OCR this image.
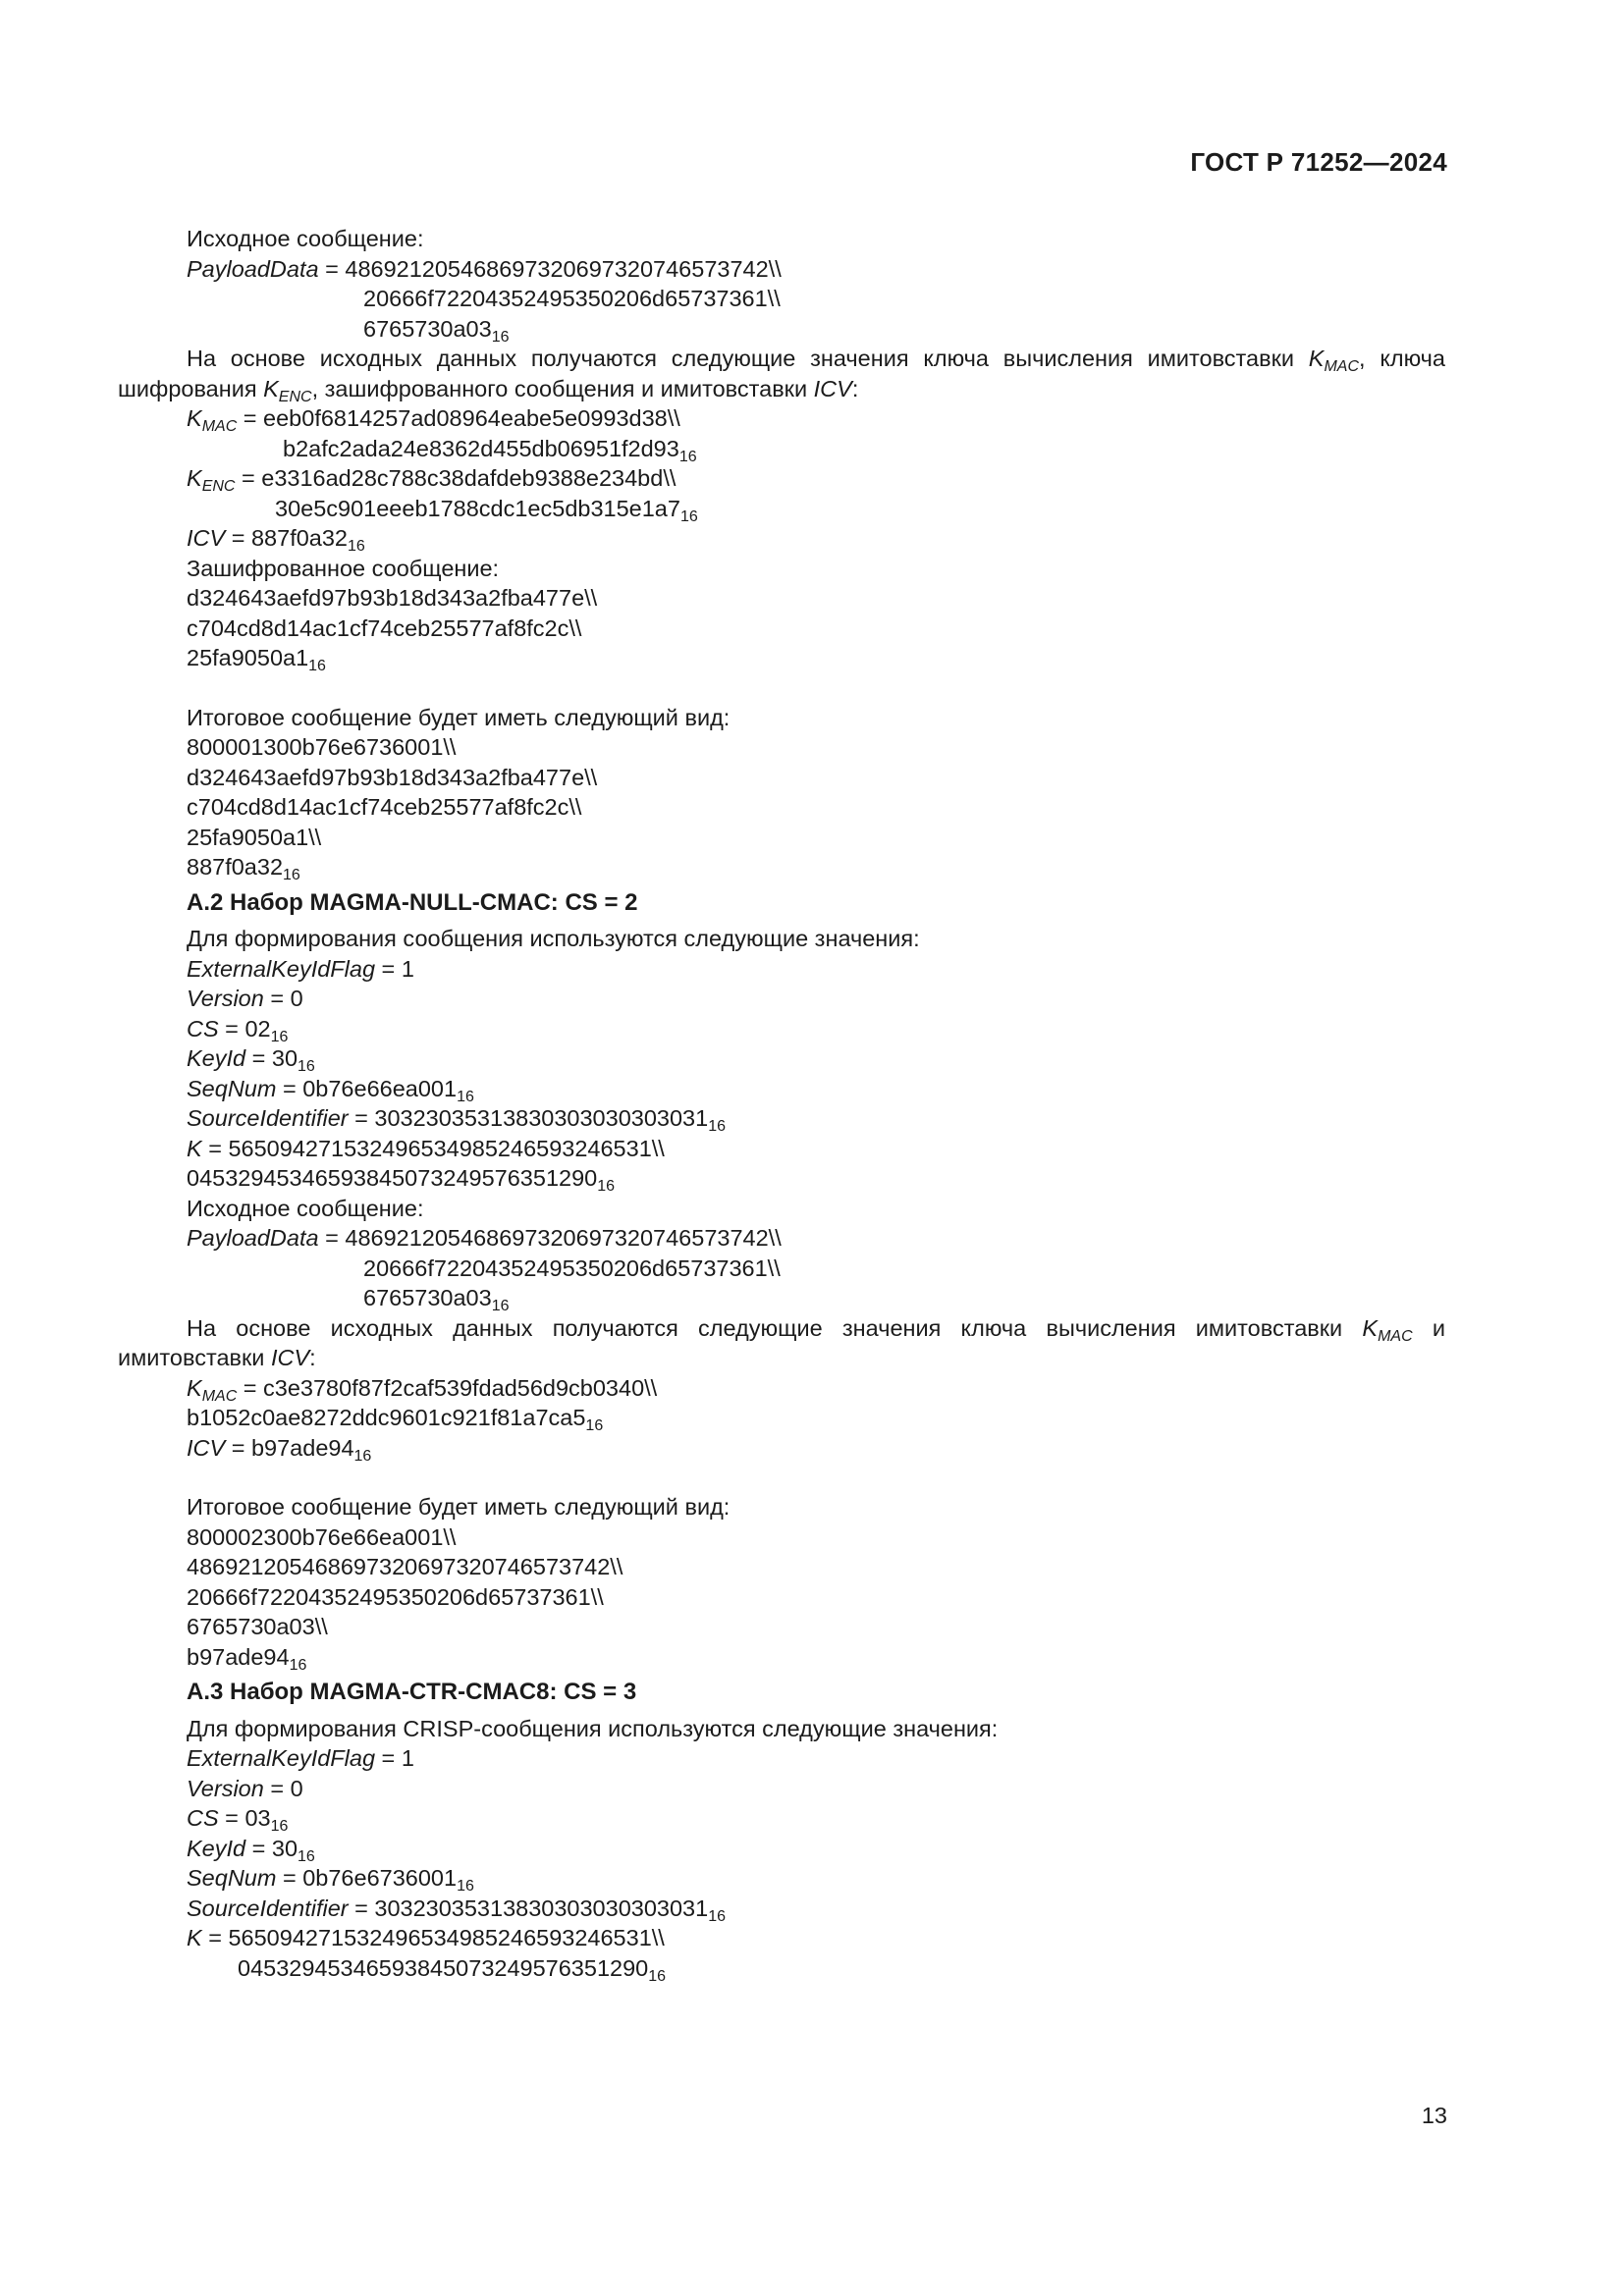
ГОСТ Р 71252—2024

Исходное сообщение:

PayloadData = 486921205468697320697320746573742\\

20666f72204352495350206d65737361\\

$6765730a03_{16}$

На основе исходных данных получаются следующие значения ключа вычисления имитовставки $K_{MAC}$, ключа шифрования $K_{ENC}$, зашифрованного сообщения и имитовставки ICV:

$K_{MAC}$ = eeb0f6814257ad08964eabe5e0993d38\\

$b2afc2ada24e8362d455db06951f2d93_{16}$

$K_{ENC}$ = e3316ad28c788c38dafdeb9388e234bd\\

$30e5c901eeeb1788cdc1ec5db315e1a7_{16}$

ICV = $887f0a32_{16}$

Зашифрованное сообщение:

d324643aefd97b93b18d343a2fba477e\\

c704cd8d14ac1cf74ceb25577af8fc2c\\

$25fa9050a1_{16}$

Итоговое сообщение будет иметь следующий вид:

800001300b76e6736001\\

d324643aefd97b93b18d343a2fba477e\\

c704cd8d14ac1cf74ceb25577af8fc2c\\

25fa9050a1\\

$887f0a32_{16}$

А.2 Набор MAGMA-NULL-CMAC: CS = 2

Для формирования сообщения используются следующие значения:

ExternalKeyIdFlag = 1

Version = 0

CS = $02_{16}$

KeyId = $30_{16}$

SeqNum = $0b76e66ea001_{16}$

SourceIdentifier = $30323035313830303030303031_{16}$

K = 565094271532496534985246593246531\\

$04532945346593845073249576351290_{16}$

Исходное сообщение:

PayloadData = 486921205468697320697320746573742\\

20666f72204352495350206d65737361\\

$6765730a03_{16}$

На основе исходных данных получаются следующие значения ключа вычисления имитовставки $K_{MAC}$ и имитовставки ICV:

$K_{MAC}$ = c3e3780f87f2caf539fdad56d9cb0340\\

$b1052c0ae8272ddc9601c921f81a7ca5_{16}$

ICV = $b97ade94_{16}$

Итоговое сообщение будет иметь следующий вид:

800002300b76e66ea001\\

486921205468697320697320746573742\\

20666f72204352495350206d65737361\\

6765730a03\\

$b97ade94_{16}$

А.3 Набор MAGMA-CTR-CMAC8: CS = 3

Для формирования CRISP-сообщения используются следующие значения:

ExternalKeyIdFlag = 1

Version = 0

CS = $03_{16}$

KeyId = $30_{16}$

SeqNum = $0b76e6736001_{16}$

SourceIdentifier = $30323035313830303030303031_{16}$

K = 565094271532496534985246593246531\\

$04532945346593845073249576351290_{16}$

13
